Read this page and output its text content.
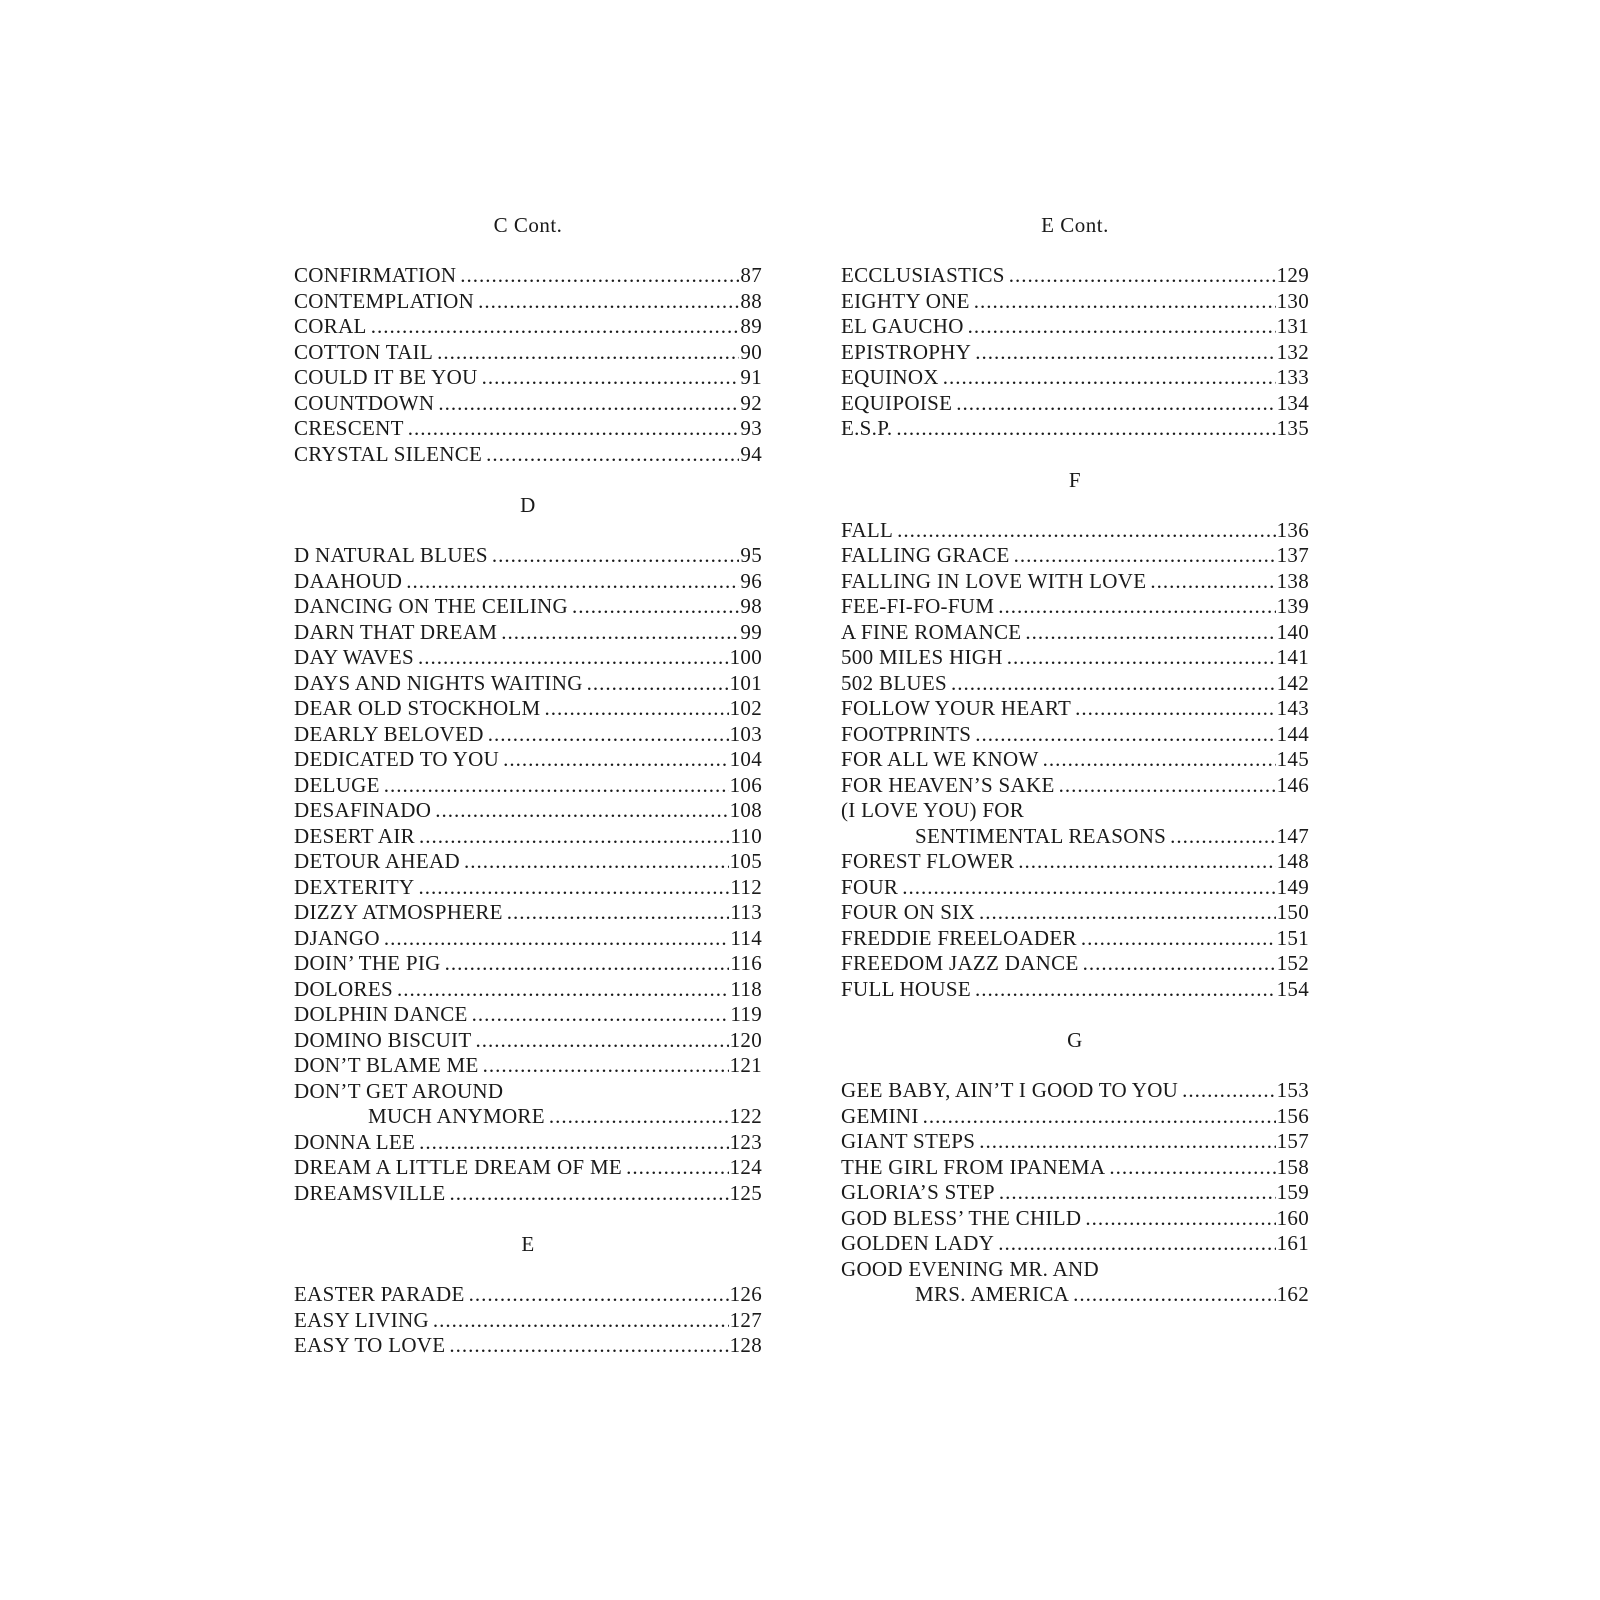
C Cont.
CONFIRMATION .....	87
CONTEMPLATION .....	88
CORAL .....	89
COTTON TAIL .....	90
COULD IT BE YOU .....	91
COUNTDOWN .....	92
CRESCENT .....	93
CRYSTAL SILENCE .....	94
D
D NATURAL BLUES .....	95
DAAHOUD .....	96
DANCING ON THE CEILING .....	98
DARN THAT DREAM .....	99
DAY WAVES .....	100
DAYS AND NIGHTS WAITING .....	101
DEAR OLD STOCKHOLM .....	102
DEARLY BELOVED .....	103
DEDICATED TO YOU .....	104
DELUGE .....	106
DESAFINADO .....	108
DESERT AIR .....	110
DETOUR AHEAD .....	105
DEXTERITY .....	112
DIZZY ATMOSPHERE .....	113
DJANGO .....	114
DOIN’ THE PIG .....	116
DOLORES .....	118
DOLPHIN DANCE .....	119
DOMINO BISCUIT .....	120
DON’T BLAME ME .....	121
DON’T GET AROUND
MUCH ANYMORE .....	122
DONNA LEE .....	123
DREAM A LITTLE DREAM OF ME .....	124
DREAMSVILLE .....	125
E
EASTER PARADE .....	126
EASY LIVING .....	127
EASY TO LOVE .....	128
E Cont.
ECCLUSIASTICS .....	129
EIGHTY ONE .....	130
EL GAUCHO .....	131
EPISTROPHY .....	132
EQUINOX .....	133
EQUIPOISE .....	134
E.S.P. .....	135
F
FALL .....	136
FALLING GRACE .....	137
FALLING IN LOVE WITH LOVE .....	138
FEE-FI-FO-FUM .....	139
A FINE ROMANCE .....	140
500 MILES HIGH .....	141
502 BLUES .....	142
FOLLOW YOUR HEART .....	143
FOOTPRINTS .....	144
FOR ALL WE KNOW .....	145
FOR HEAVEN’S SAKE .....	146
(I LOVE YOU) FOR
SENTIMENTAL REASONS .....	147
FOREST FLOWER .....	148
FOUR .....	149
FOUR ON SIX .....	150
FREDDIE FREELOADER .....	151
FREEDOM JAZZ DANCE .....	152
FULL HOUSE .....	154
G
GEE BABY, AIN’T I GOOD TO YOU .....	153
GEMINI .....	156
GIANT STEPS .....	157
THE GIRL FROM IPANEMA .....	158
GLORIA’S STEP .....	159
GOD BLESS’ THE CHILD .....	160
GOLDEN LADY .....	161
GOOD EVENING MR. AND
MRS. AMERICA .....	162
